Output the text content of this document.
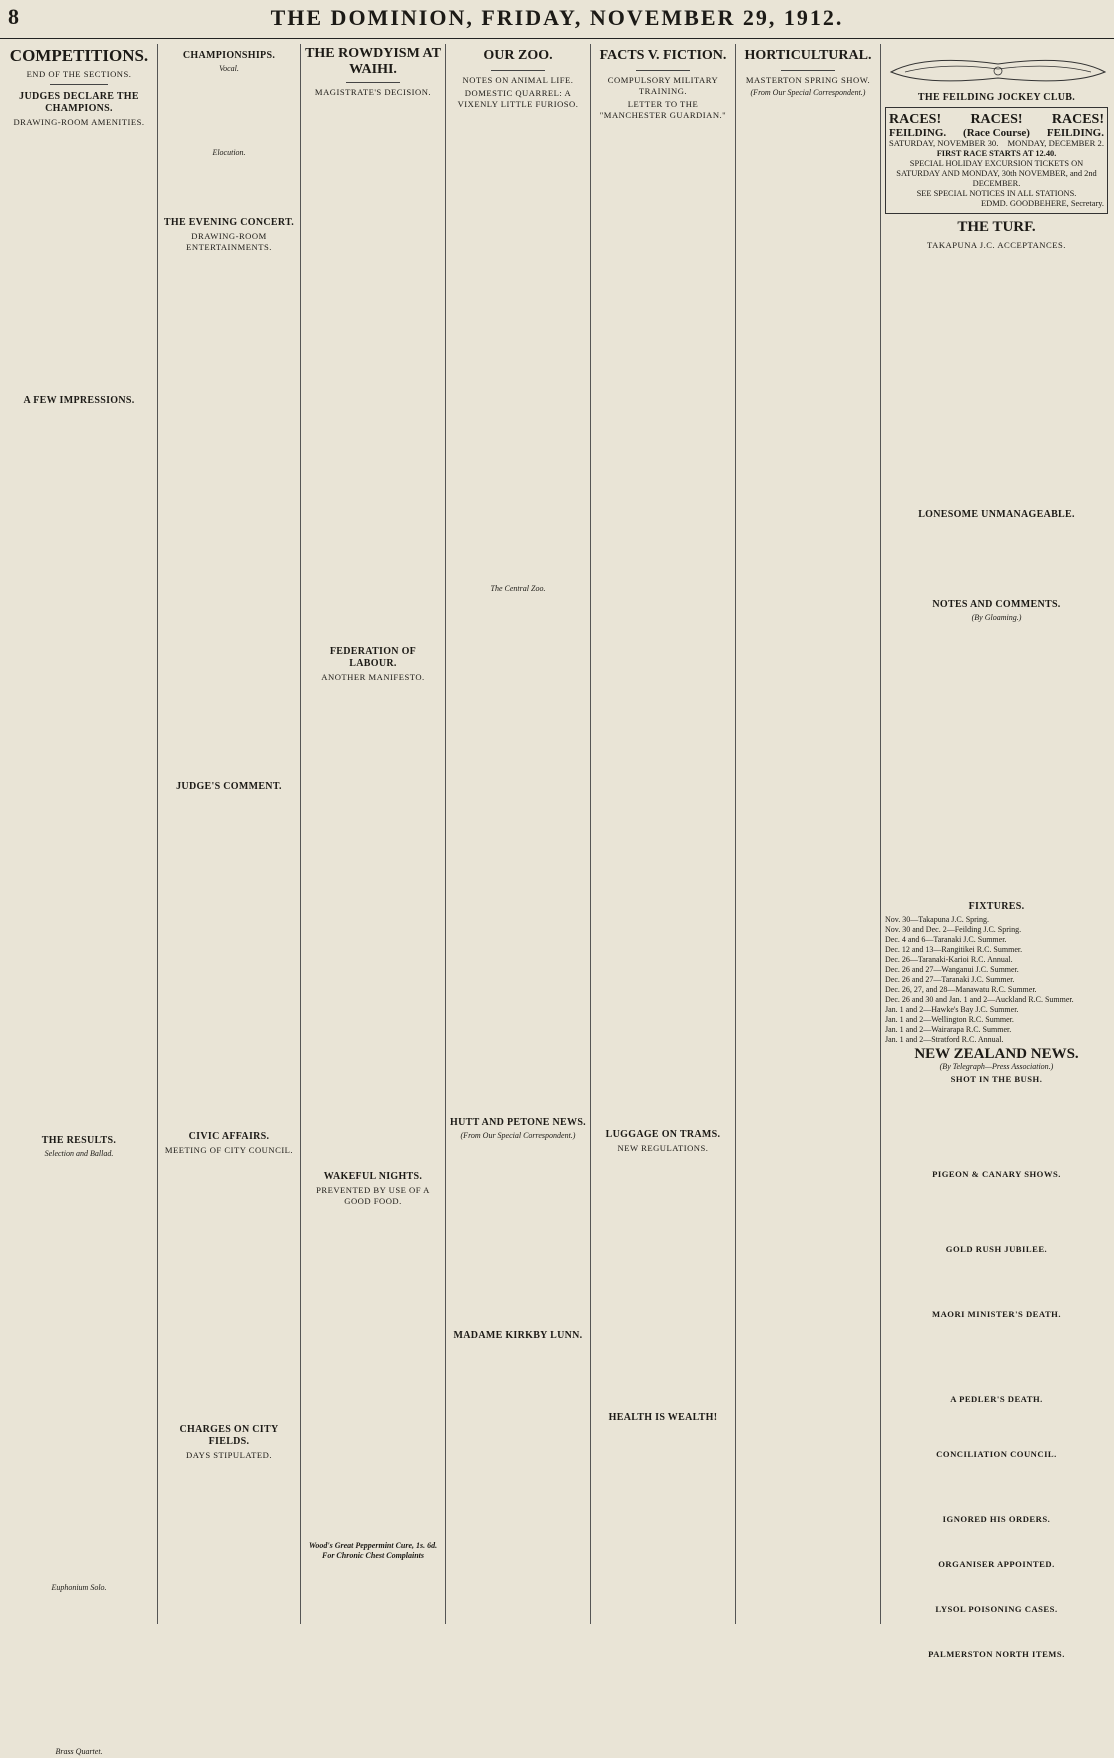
8	THE DOMINION, FRIDAY, NOVEMBER 29, 1912.
COMPETITIONS.
END OF THE SECTIONS.
JUDGES DECLARE THE CHAMPIONS.
DRAWING-ROOM AMENITIES.

A FEW IMPRESSIONS.
THE RESULTS.
Selection and Ballad.
Euphonium Solo.
Brass Quartet.
CHAMPIONSHIPS.
Vocal.
Elocution.
THE EVENING CONCERT.
DRAWING-ROOM ENTERTAINMENTS.
JUDGE'S COMMENT.
CIVIC AFFAIRS.
MEETING OF CITY COUNCIL.
CHARGES ON CITY FIELDS.
DAYS STIPULATED.
THE ROWDYISM AT WAIHI.
MAGISTRATE'S DECISION.
FEDERATION OF LABOUR.
ANOTHER MANIFESTO.
WAKEFUL NIGHTS.
PREVENTED BY USE OF A GOOD FOOD.
Wood's Great Peppermint Cure, 1s. 6d. For Chronic Chest Complaints
OUR ZOO.
NOTES ON ANIMAL LIFE.
DOMESTIC QUARREL: A VIXENLY LITTLE FURIOSO.
The Central Zoo.
HUTT AND PETONE NEWS.
(From Our Special Correspondent.)
MADAME KIRKBY LUNN.
FACTS V. FICTION.
COMPULSORY MILITARY TRAINING.
LETTER TO THE "MANCHESTER GUARDIAN."
LUGGAGE ON TRAMS.
NEW REGULATIONS.
HEALTH IS WEALTH!
HORTICULTURAL.
MASTERTON SPRING SHOW.
(From Our Special Correspondent.)	THE FEILDING JOCKEY CLUB.
RACES! RACES! RACES!
FEILDING. (Race Course) FEILDING.
SATURDAY, NOVEMBER 30. MONDAY, DECEMBER 2.
FIRST RACE STARTS AT 12.40.
SPECIAL HOLIDAY EXCURSION TICKETS ON SATURDAY AND MONDAY, 30th NOVEMBER, and 2nd DECEMBER.
SEE SPECIAL NOTICES IN ALL STATIONS.
EDMD. GOODBEHERE, Secretary.
THE TURF.
TAKAPUNA J.C. ACCEPTANCES.
LONESOME UNMANAGEABLE.
NOTES AND COMMENTS.
(By Gloaming.)
FIXTURES.
Nov. 30—Takapuna J.C. Spring.
Nov. 30 and Dec. 2—Feilding J.C. Spring.
Dec. 4 and 6—Taranaki J.C. Summer.
Dec. 12 and 13—Rangitikei R.C. Summer.
Dec. 26—Taranaki-Karioi R.C. Annual.
Dec. 26 and 27—Wanganui J.C. Summer.
Dec. 26 and 27—Taranaki J.C. Summer.
Dec. 26, 27, and 28—Manawatu R.C. Summer.
Dec. 26 and 30 and Jan. 1 and 2—Auckland R.C. Summer.
Jan. 1 and 2—Hawke's Bay J.C. Summer.
Jan. 1 and 2—Wellington R.C. Summer.
Jan. 1 and 2—Wairarapa R.C. Summer.
Jan. 1 and 2—Stratford R.C. Annual.
NEW ZEALAND NEWS.
(By Telegraph—Press Association.)
SHOT IN THE BUSH.
PIGEON & CANARY SHOWS.
GOLD RUSH JUBILEE.
MAORI MINISTER'S DEATH.
A PEDLER'S DEATH.
CONCILIATION COUNCIL.
IGNORED HIS ORDERS.
ORGANISER APPOINTED.
LYSOL POISONING CASES.
PALMERSTON NORTH ITEMS.
